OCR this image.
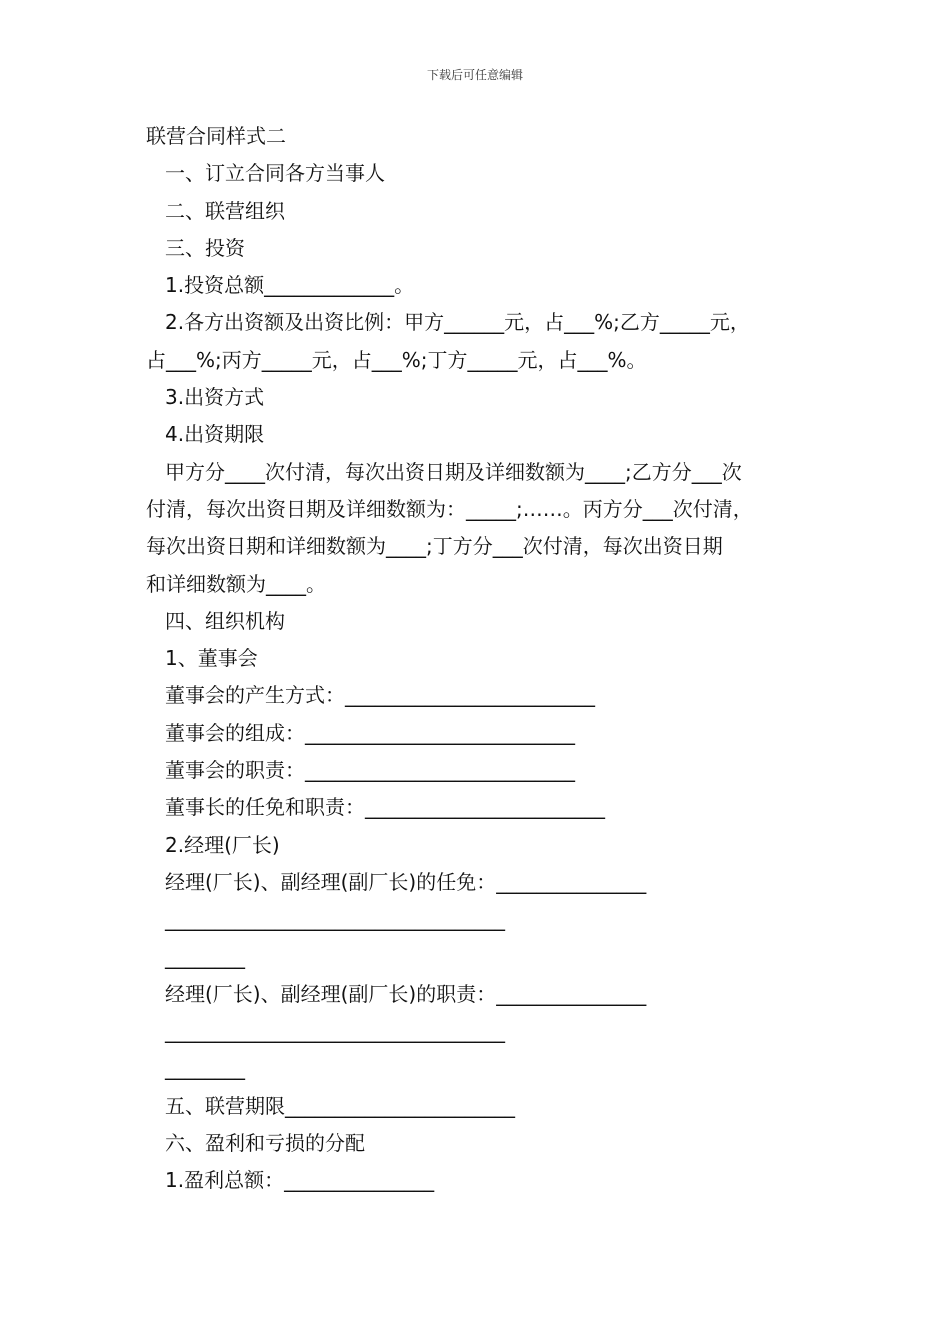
下载后可任意编辑
联营合同样式二
一、订立合同各方当事人
二、联营组织
三、投资
1.投资总额_____________。
2.各方出资额及出资比例：甲方______元，占___%;乙方_____元，
占___%;丙方_____元，占___%;丁方_____元，占___%。
3.出资方式
4.出资期限
甲方分____次付清，每次出资日期及详细数额为____;乙方分___次
付清，每次出资日期及详细数额为：_____;……。丙方分___次付清，
每次出资日期和详细数额为____;丁方分___次付清，每次出资日期
和详细数额为____。
四、组织机构
1、董事会
董事会的产生方式：_________________________
董事会的组成：___________________________
董事会的职责：___________________________
董事长的任免和职责：________________________
2.经理(厂长)
经理(厂长)、副经理(副厂长)的任免：_______________
__________________________________
________
经理(厂长)、副经理(副厂长)的职责：_______________
__________________________________
________
五、联营期限_______________________
六、盈利和亏损的分配
1.盈利总额：_______________
